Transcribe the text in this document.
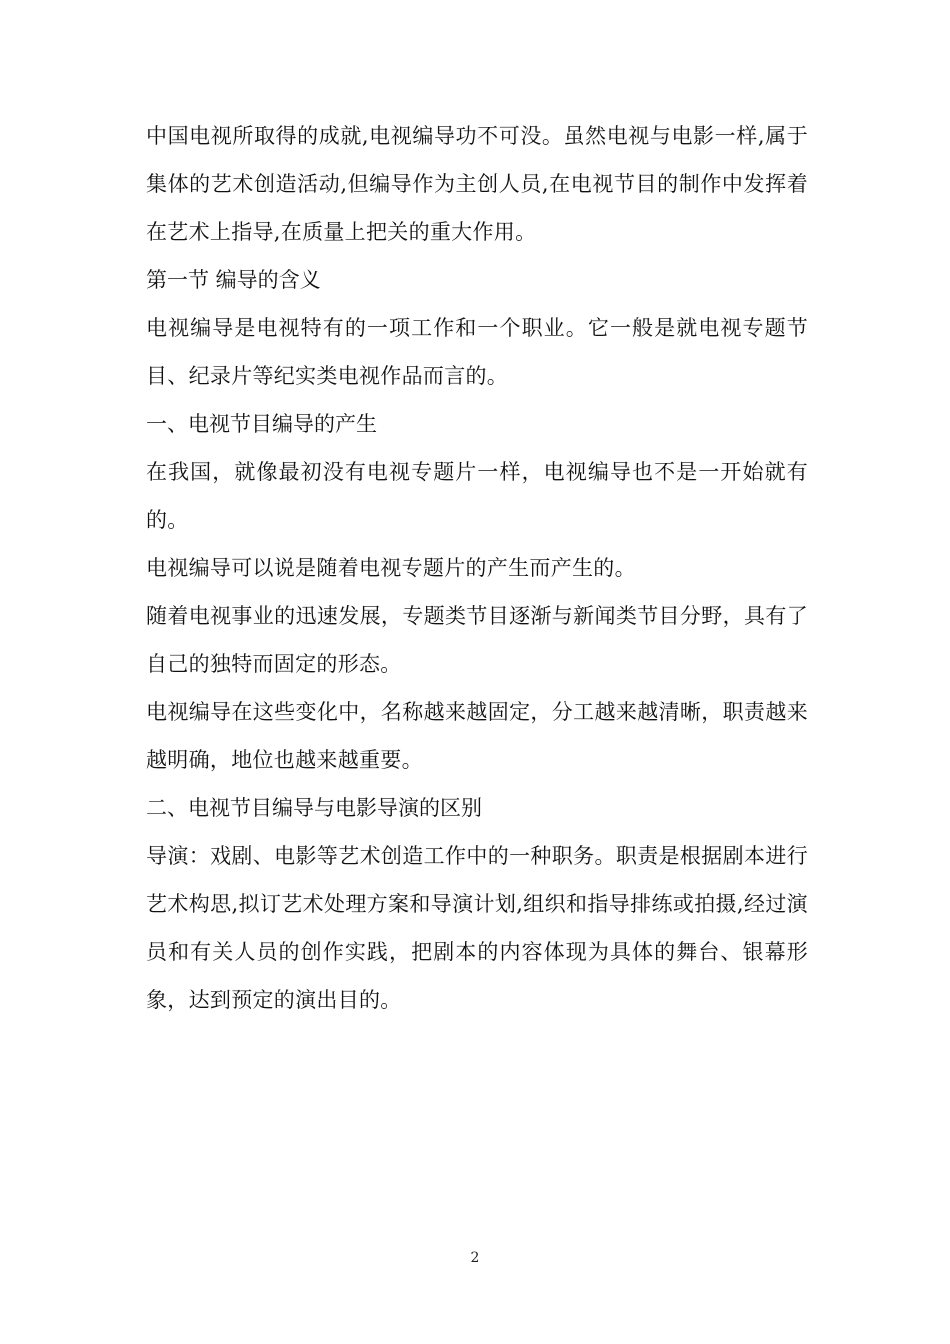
中国电视所取得的成就,电视编导功不可没。虽然电视与电影一样,属于集体的艺术创造活动,但编导作为主创人员,在电视节目的制作中发挥着在艺术上指导,在质量上把关的重大作用。

第一节 编导的含义

电视编导是电视特有的一项工作和一个职业。它一般是就电视专题节目、纪录片等纪实类电视作品而言的。

一、电视节目编导的产生

在我国，就像最初没有电视专题片一样，电视编导也不是一开始就有的。

电视编导可以说是随着电视专题片的产生而产生的。

随着电视事业的迅速发展，专题类节目逐渐与新闻类节目分野，具有了自己的独特而固定的形态。

电视编导在这些变化中，名称越来越固定，分工越来越清晰，职责越来越明确，地位也越来越重要。

二、电视节目编导与电影导演的区别

导演：戏剧、电影等艺术创造工作中的一种职务。职责是根据剧本进行艺术构思,拟订艺术处理方案和导演计划,组织和指导排练或拍摄,经过演员和有关人员的创作实践，把剧本的内容体现为具体的舞台、银幕形象，达到预定的演出目的。

2
